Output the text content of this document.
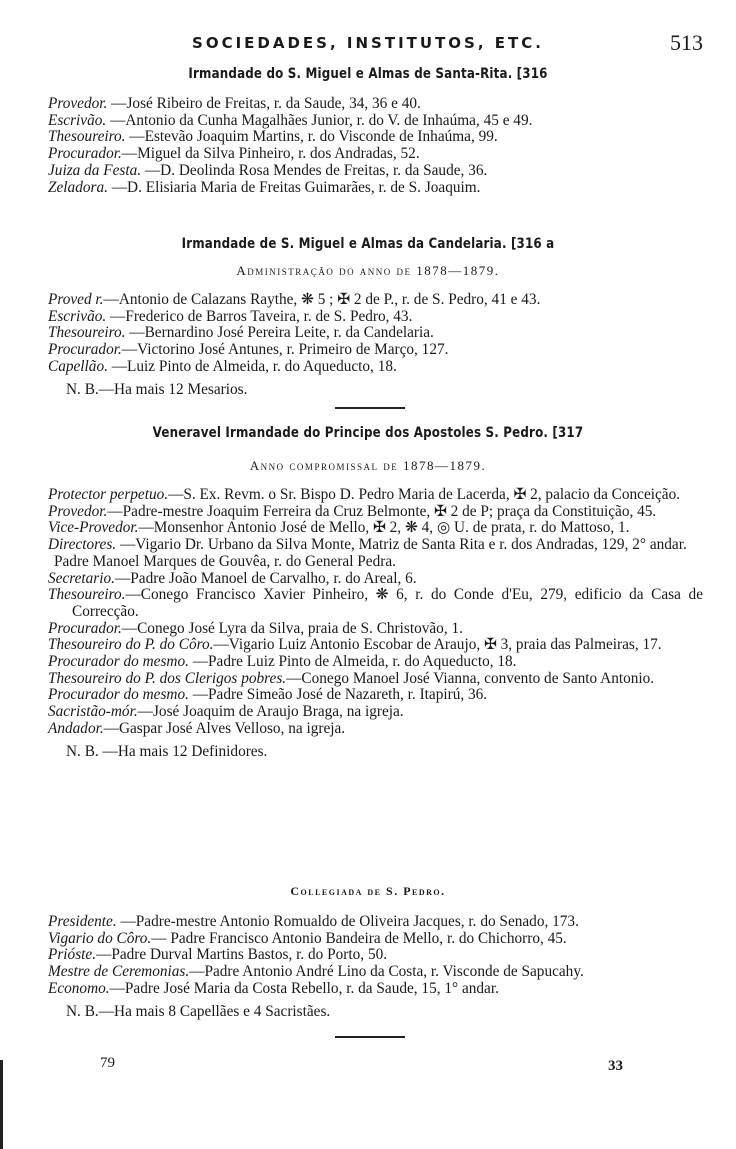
SOCIEDADES, INSTITUTOS, ETC.	513
Irmandade do S. Miguel e Almas de Santa-Rita. [316

Provedor. —José Ribeiro de Freitas, r. da Saude, 34, 36 e 40.

Escrivão. —Antonio da Cunha Magalhães Junior, r. do V. de Inhaúma, 45 e 49.

Thesoureiro. —Estevão Joaquim Martins, r. do Visconde de Inhaúma, 99.

Procurador.—Miguel da Silva Pinheiro, r. dos Andradas, 52.

Juiza da Festa. —D. Deolinda Rosa Mendes de Freitas, r. da Saude, 36.

Zeladora. —D. Elisiaria Maria de Freitas Guimarães, r. de S. Joaquim.

Irmandade de S. Miguel e Almas da Candelaria. [316 a
Administração do anno de 1878—1879.

Proved r.—Antonio de Calazans Raythe, ❋ 5 ; ✠ 2 de P., r. de S. Pedro, 41 e 43.

Escrivão. —Frederico de Barros Taveira, r. de S. Pedro, 43.

Thesoureiro. —Bernardino José Pereira Leite, r. da Candelaria.

Procurador.—Victorino José Antunes, r. Primeiro de Março, 127.

Capellão. —Luiz Pinto de Almeida, r. do Aqueducto, 18.

N. B.—Ha mais 12 Mesarios.

Veneravel Irmandade do Principe dos Apostoles S. Pedro. [317
Anno compromissal de 1878—1879.

Protector perpetuo.—S. Ex. Revm. o Sr. Bispo D. Pedro Maria de Lacerda, ✠ 2, palacio da Conceição.

Provedor.—Padre-mestre Joaquim Ferreira da Cruz Belmonte, ✠ 2 de P; praça da Constituição, 45.

Vice-Provedor.—Monsenhor Antonio José de Mello, ✠ 2, ❋ 4, ◎ U. de prata, r. do Mattoso, 1.

Directores. —Vigario Dr. Urbano da Silva Monte, Matriz de Santa Rita e r. dos Andradas, 129, 2° andar.

Padre Manoel Marques de Gouvêa, r. do General Pedra.

Secretario.—Padre João Manoel de Carvalho, r. do Areal, 6.

Thesoureiro.—Conego Francisco Xavier Pinheiro, ❋ 6, r. do Conde d'Eu, 279, edificio da Casa de Correcção.

Procurador.—Conego José Lyra da Silva, praia de S. Christovão, 1.

Thesoureiro do P. do Côro.—Vigario Luiz Antonio Escobar de Araujo, ✠ 3, praia das Palmeiras, 17.

Procurador do mesmo. —Padre Luiz Pinto de Almeida, r. do Aqueducto, 18.

Thesoureiro do P. dos Clerigos pobres.—Conego Manoel José Vianna, convento de Santo Antonio.

Procurador do mesmo. —Padre Simeão José de Nazareth, r. Itapirú, 36.

Sacristão-mór.—José Joaquim de Araujo Braga, na igreja.

Andador.—Gaspar José Alves Velloso, na igreja.

N. B. —Ha mais 12 Definidores.

Collegiada de S. Pedro.

Presidente. —Padre-mestre Antonio Romualdo de Oliveira Jacques, r. do Senado, 173.

Vigario do Côro.— Padre Francisco Antonio Bandeira de Mello, r. do Chichorro, 45.

Prióste.—Padre Durval Martins Bastos, r. do Porto, 50.

Mestre de Ceremonias.—Padre Antonio André Lino da Costa, r. Visconde de Sapucahy.

Economo.—Padre José Maria da Costa Rebello, r. da Saude, 15, 1° andar.

N. B.—Ha mais 8 Capellães e 4 Sacristães.

79	33
